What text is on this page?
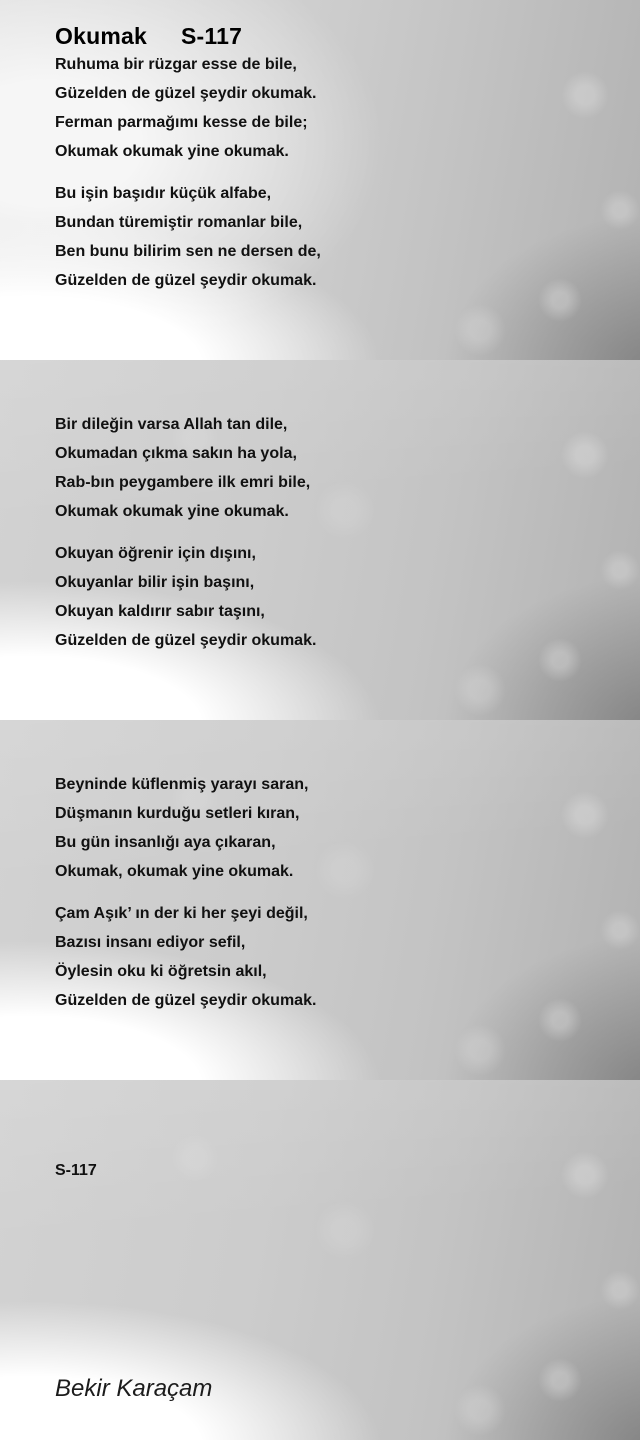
Okumak S-117

Ruhuma bir rüzgar esse de bile,

Güzelden de güzel şeydir okumak.

Ferman parmağımı kesse de bile;

Okumak okumak yine okumak.

Bu işin başıdır küçük alfabe,

Bundan türemiştir romanlar bile,

Ben bunu bilirim sen ne dersen de,

Güzelden de güzel şeydir okumak.

Bir dileğin varsa Allah tan dile,

Okumadan çıkma sakın ha yola,

Rab-bın peygambere ilk emri bile,

Okumak okumak yine okumak.

Okuyan öğrenir için dışını,

Okuyanlar bilir işin başını,

Okuyan kaldırır sabır taşını,

Güzelden de güzel şeydir okumak.

Beyninde küflenmiş yarayı saran,

Düşmanın kurduğu setleri kıran,

Bu gün insanlığı aya çıkaran,

Okumak, okumak yine okumak.

Çam Aşık’ ın der ki her şeyi değil,

Bazısı insanı ediyor sefil,

Öylesin oku ki öğretsin akıl,

Güzelden de güzel şeydir okumak.

S-117
Bekir Karaçam
